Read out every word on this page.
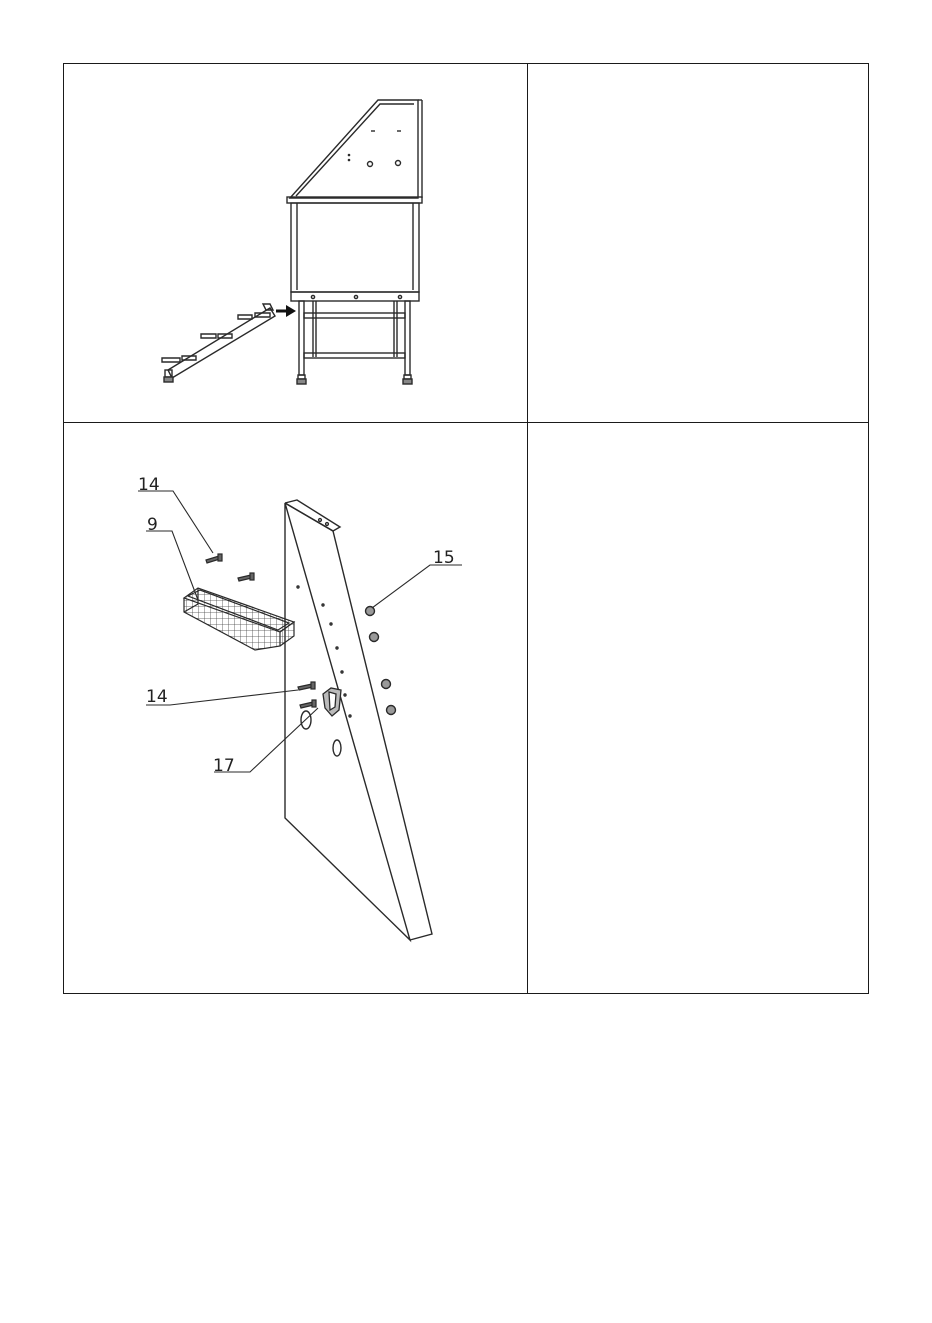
14
9
14
17
15
